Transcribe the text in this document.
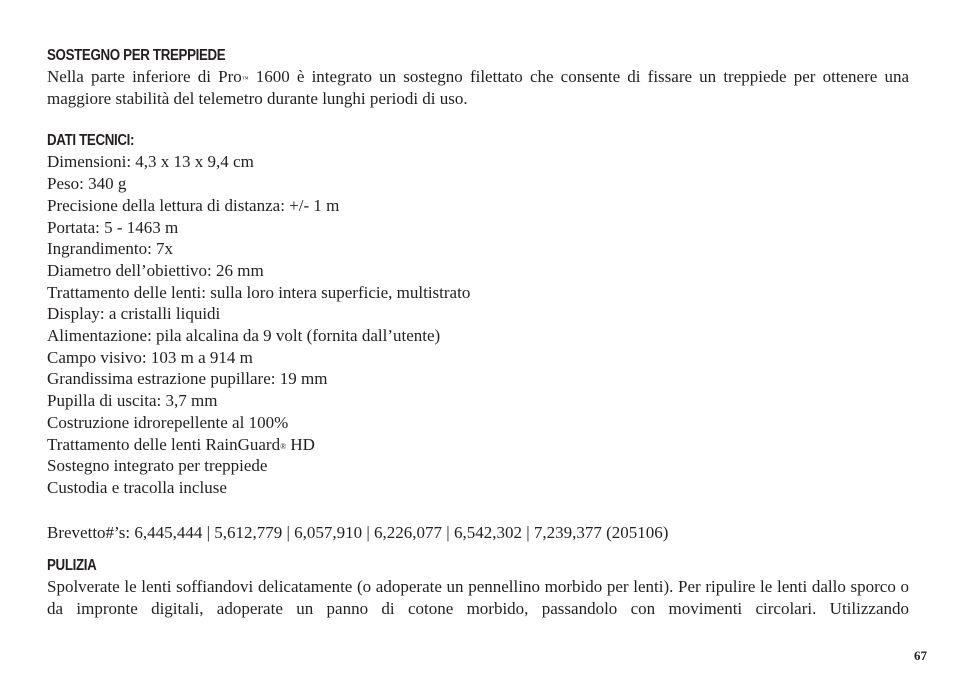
SOSTEGNO PER TREPPIEDE

Nella parte inferiore di Pro™ 1600 è integrato un sostegno filettato che consente di fissare un treppiede per ottenere una maggiore stabilità del telemetro durante lunghi periodi di uso.

DATI TECNICI:
Dimensioni: 4,3 x 13 x 9,4 cm
Peso: 340 g
Precisione della lettura di distanza: +/- 1 m
Portata: 5 - 1463 m
Ingrandimento: 7x
Diametro dell’obiettivo: 26 mm
Trattamento delle lenti: sulla loro intera superficie, multistrato
Display: a cristalli liquidi
Alimentazione: pila alcalina da 9 volt (fornita dall’utente)
Campo visivo: 103 m a 914 m
Grandissima estrazione pupillare: 19 mm
Pupilla di uscita: 3,7 mm
Costruzione idrorepellente al 100%
Trattamento delle lenti RainGuard® HD
Sostegno integrato per treppiede
Custodia e tracolla incluse

Brevetto#’s: 6,445,444 | 5,612,779 | 6,057,910 | 6,226,077 | 6,542,302 | 7,239,377 (205106)

PULIZIA

Spolverate le lenti soffiandovi delicatamente (o adoperate un pennellino morbido per lenti). Per ripulire le lenti dallo sporco o da impronte digitali, adoperate un panno di cotone morbido, passandolo con movimenti circolari. Utilizzando

67
